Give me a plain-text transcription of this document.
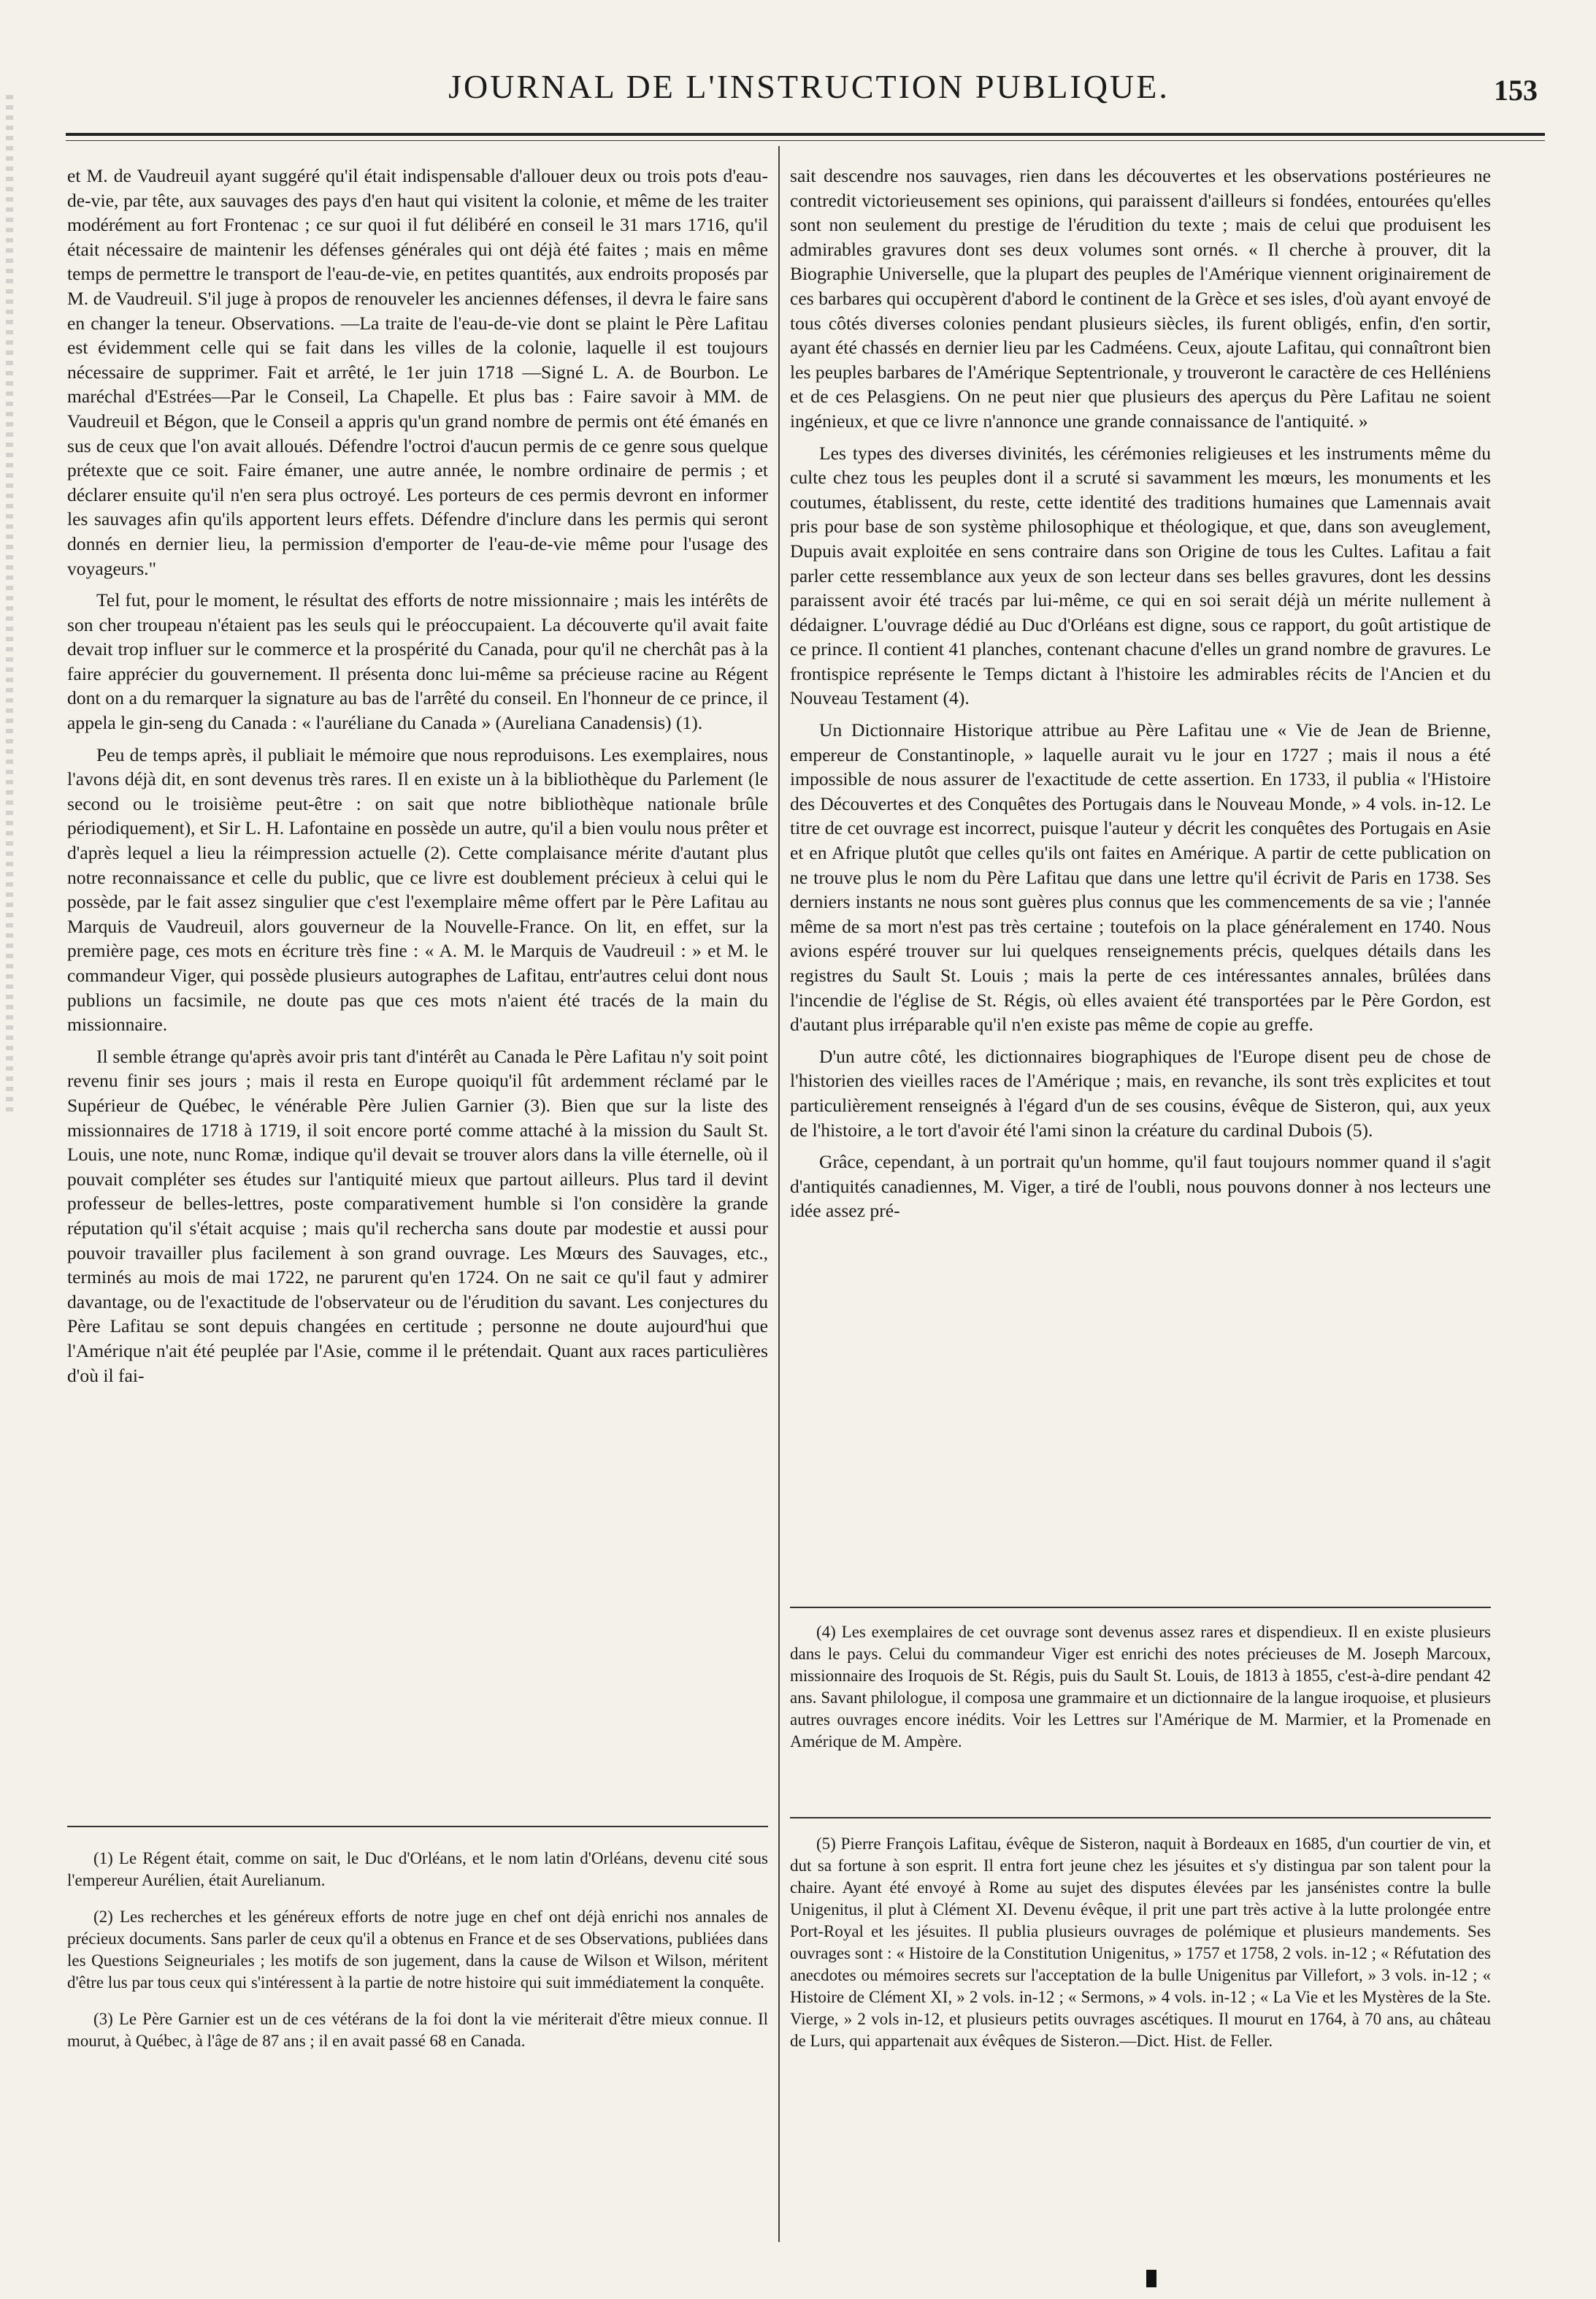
JOURNAL DE L'INSTRUCTION PUBLIQUE.	153

et M. de Vaudreuil ayant suggéré qu'il était indispensable d'allouer deux ou trois pots d'eau-de-vie, par tête, aux sauvages des pays d'en haut qui visitent la colonie, et même de les traiter modérément au fort Frontenac ; ce sur quoi il fut délibéré en conseil le 31 mars 1716, qu'il était nécessaire de maintenir les défenses générales qui ont déjà été faites ; mais en même temps de permettre le transport de l'eau-de-vie, en petites quantités, aux endroits proposés par M. de Vaudreuil. S'il juge à propos de renouveler les anciennes défenses, il devra le faire sans en changer la teneur. Observations. —La traite de l'eau-de-vie dont se plaint le Père Lafitau est évidemment celle qui se fait dans les villes de la colonie, laquelle il est toujours nécessaire de supprimer. Fait et arrêté, le 1er juin 1718 —Signé L. A. de Bourbon. Le maréchal d'Estrées—Par le Conseil, La Chapelle. Et plus bas : Faire savoir à MM. de Vaudreuil et Bégon, que le Conseil a appris qu'un grand nombre de permis ont été émanés en sus de ceux que l'on avait alloués. Défendre l'octroi d'aucun permis de ce genre sous quelque prétexte que ce soit. Faire émaner, une autre année, le nombre ordinaire de permis ; et déclarer ensuite qu'il n'en sera plus octroyé. Les porteurs de ces permis devront en informer les sauvages afin qu'ils apportent leurs effets. Défendre d'inclure dans les permis qui seront donnés en dernier lieu, la permission d'emporter de l'eau-de-vie même pour l'usage des voyageurs."

Tel fut, pour le moment, le résultat des efforts de notre missionnaire ; mais les intérêts de son cher troupeau n'étaient pas les seuls qui le préoccupaient. La découverte qu'il avait faite devait trop influer sur le commerce et la prospérité du Canada, pour qu'il ne cherchât pas à la faire apprécier du gouvernement. Il présenta donc lui-même sa précieuse racine au Régent dont on a du remarquer la signature au bas de l'arrêté du conseil. En l'honneur de ce prince, il appela le gin-seng du Canada : « l'auréliane du Canada » (Aureliana Canadensis) (1).

Peu de temps après, il publiait le mémoire que nous reproduisons. Les exemplaires, nous l'avons déjà dit, en sont devenus très rares. Il en existe un à la bibliothèque du Parlement (le second ou le troisième peut-être : on sait que notre bibliothèque nationale brûle périodiquement), et Sir L. H. Lafontaine en possède un autre, qu'il a bien voulu nous prêter et d'après lequel a lieu la réimpression actuelle (2). Cette complaisance mérite d'autant plus notre reconnaissance et celle du public, que ce livre est doublement précieux à celui qui le possède, par le fait assez singulier que c'est l'exemplaire même offert par le Père Lafitau au Marquis de Vaudreuil, alors gouverneur de la Nouvelle-France. On lit, en effet, sur la première page, ces mots en écriture très fine : « A. M. le Marquis de Vaudreuil : » et M. le commandeur Viger, qui possède plusieurs autographes de Lafitau, entr'autres celui dont nous publions un facsimile, ne doute pas que ces mots n'aient été tracés de la main du missionnaire.

Il semble étrange qu'après avoir pris tant d'intérêt au Canada le Père Lafitau n'y soit point revenu finir ses jours ; mais il resta en Europe quoiqu'il fût ardemment réclamé par le Supérieur de Québec, le vénérable Père Julien Garnier (3). Bien que sur la liste des missionnaires de 1718 à 1719, il soit encore porté comme attaché à la mission du Sault St. Louis, une note, nunc Romæ, indique qu'il devait se trouver alors dans la ville éternelle, où il pouvait compléter ses études sur l'antiquité mieux que partout ailleurs. Plus tard il devint professeur de belles-lettres, poste comparativement humble si l'on considère la grande réputation qu'il s'était acquise ; mais qu'il rechercha sans doute par modestie et aussi pour pouvoir travailler plus facilement à son grand ouvrage. Les Mœurs des Sauvages, etc., terminés au mois de mai 1722, ne parurent qu'en 1724. On ne sait ce qu'il faut y admirer davantage, ou de l'exactitude de l'observateur ou de l'érudition du savant. Les conjectures du Père Lafitau se sont depuis changées en certitude ; personne ne doute aujourd'hui que l'Amérique n'ait été peuplée par l'Asie, comme il le prétendait. Quant aux races particulières d'où il fai-

sait descendre nos sauvages, rien dans les découvertes et les observations postérieures ne contredit victorieusement ses opinions, qui paraissent d'ailleurs si fondées, entourées qu'elles sont non seulement du prestige de l'érudition du texte ; mais de celui que produisent les admirables gravures dont ses deux volumes sont ornés. « Il cherche à prouver, dit la Biographie Universelle, que la plupart des peuples de l'Amérique viennent originairement de ces barbares qui occupèrent d'abord le continent de la Grèce et ses isles, d'où ayant envoyé de tous côtés diverses colonies pendant plusieurs siècles, ils furent obligés, enfin, d'en sortir, ayant été chassés en dernier lieu par les Cadméens. Ceux, ajoute Lafitau, qui connaîtront bien les peuples barbares de l'Amérique Septentrionale, y trouveront le caractère de ces Helléniens et de ces Pelasgiens. On ne peut nier que plusieurs des aperçus du Père Lafitau ne soient ingénieux, et que ce livre n'annonce une grande connaissance de l'antiquité. »

Les types des diverses divinités, les cérémonies religieuses et les instruments même du culte chez tous les peuples dont il a scruté si savamment les mœurs, les monuments et les coutumes, établissent, du reste, cette identité des traditions humaines que Lamennais avait pris pour base de son système philosophique et théologique, et que, dans son aveuglement, Dupuis avait exploitée en sens contraire dans son Origine de tous les Cultes. Lafitau a fait parler cette ressemblance aux yeux de son lecteur dans ses belles gravures, dont les dessins paraissent avoir été tracés par lui-même, ce qui en soi serait déjà un mérite nullement à dédaigner. L'ouvrage dédié au Duc d'Orléans est digne, sous ce rapport, du goût artistique de ce prince. Il contient 41 planches, contenant chacune d'elles un grand nombre de gravures. Le frontispice représente le Temps dictant à l'histoire les admirables récits de l'Ancien et du Nouveau Testament (4).

Un Dictionnaire Historique attribue au Père Lafitau une « Vie de Jean de Brienne, empereur de Constantinople, » laquelle aurait vu le jour en 1727 ; mais il nous a été impossible de nous assurer de l'exactitude de cette assertion. En 1733, il publia « l'Histoire des Découvertes et des Conquêtes des Portugais dans le Nouveau Monde, » 4 vols. in-12. Le titre de cet ouvrage est incorrect, puisque l'auteur y décrit les conquêtes des Portugais en Asie et en Afrique plutôt que celles qu'ils ont faites en Amérique. A partir de cette publication on ne trouve plus le nom du Père Lafitau que dans une lettre qu'il écrivit de Paris en 1738. Ses derniers instants ne nous sont guères plus connus que les commencements de sa vie ; l'année même de sa mort n'est pas très certaine ; toutefois on la place généralement en 1740. Nous avions espéré trouver sur lui quelques renseignements précis, quelques détails dans les registres du Sault St. Louis ; mais la perte de ces intéressantes annales, brûlées dans l'incendie de l'église de St. Régis, où elles avaient été transportées par le Père Gordon, est d'autant plus irréparable qu'il n'en existe pas même de copie au greffe.

D'un autre côté, les dictionnaires biographiques de l'Europe disent peu de chose de l'historien des vieilles races de l'Amérique ; mais, en revanche, ils sont très explicites et tout particulièrement renseignés à l'égard d'un de ses cousins, évêque de Sisteron, qui, aux yeux de l'histoire, a le tort d'avoir été l'ami sinon la créature du cardinal Dubois (5).

Grâce, cependant, à un portrait qu'un homme, qu'il faut toujours nommer quand il s'agit d'antiquités canadiennes, M. Viger, a tiré de l'oubli, nous pouvons donner à nos lecteurs une idée assez pré-

(1) Le Régent était, comme on sait, le Duc d'Orléans, et le nom latin d'Orléans, devenu cité sous l'empereur Aurélien, était Aurelianum.

(2) Les recherches et les généreux efforts de notre juge en chef ont déjà enrichi nos annales de précieux documents. Sans parler de ceux qu'il a obtenus en France et de ses Observations, publiées dans les Questions Seigneuriales ; les motifs de son jugement, dans la cause de Wilson et Wilson, méritent d'être lus par tous ceux qui s'intéressent à la partie de notre histoire qui suit immédiatement la conquête.

(3) Le Père Garnier est un de ces vétérans de la foi dont la vie mériterait d'être mieux connue. Il mourut, à Québec, à l'âge de 87 ans ; il en avait passé 68 en Canada.

(4) Les exemplaires de cet ouvrage sont devenus assez rares et dispendieux. Il en existe plusieurs dans le pays. Celui du commandeur Viger est enrichi des notes précieuses de M. Joseph Marcoux, missionnaire des Iroquois de St. Régis, puis du Sault St. Louis, de 1813 à 1855, c'est-à-dire pendant 42 ans. Savant philologue, il composa une grammaire et un dictionnaire de la langue iroquoise, et plusieurs autres ouvrages encore inédits. Voir les Lettres sur l'Amérique de M. Marmier, et la Promenade en Amérique de M. Ampère.

(5) Pierre François Lafitau, évêque de Sisteron, naquit à Bordeaux en 1685, d'un courtier de vin, et dut sa fortune à son esprit. Il entra fort jeune chez les jésuites et s'y distingua par son talent pour la chaire. Ayant été envoyé à Rome au sujet des disputes élevées par les jansénistes contre la bulle Unigenitus, il plut à Clément XI. Devenu évêque, il prit une part très active à la lutte prolongée entre Port-Royal et les jésuites. Il publia plusieurs ouvrages de polémique et plusieurs mandements. Ses ouvrages sont : « Histoire de la Constitution Unigenitus, » 1757 et 1758, 2 vols. in-12 ; « Réfutation des anecdotes ou mémoires secrets sur l'acceptation de la bulle Unigenitus par Villefort, » 3 vols. in-12 ; « Histoire de Clément XI, » 2 vols. in-12 ; « Sermons, » 4 vols. in-12 ; « La Vie et les Mystères de la Ste. Vierge, » 2 vols in-12, et plusieurs petits ouvrages ascétiques. Il mourut en 1764, à 70 ans, au château de Lurs, qui appartenait aux évêques de Sisteron.—Dict. Hist. de Feller.
